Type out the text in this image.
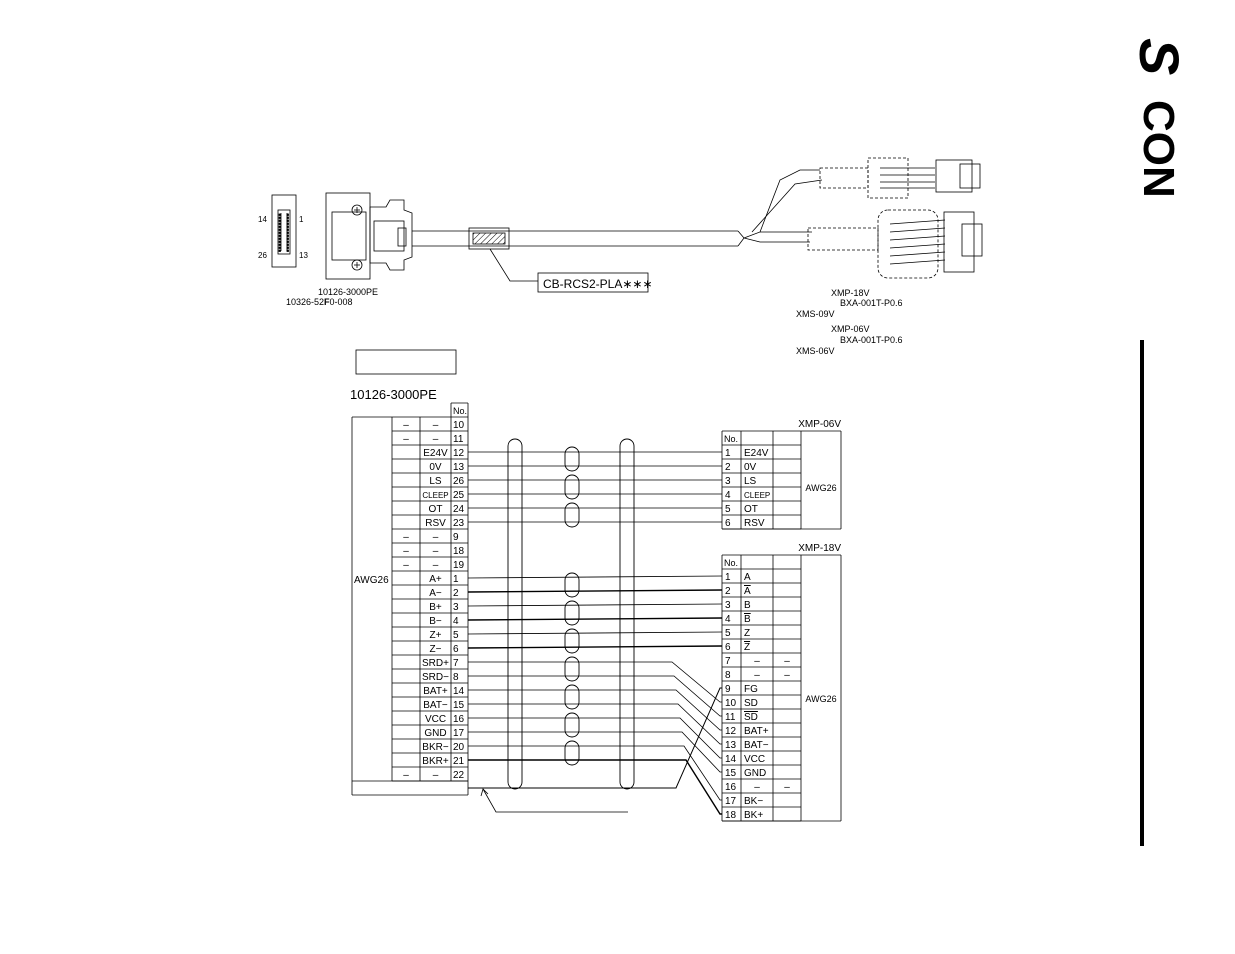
14
26
1
13
10126-3000PE
10326-52F0-008
CB-RCS2-PLA∗∗∗
XMP-18V
BXA-001T-P0.6
XMS-09V
XMP-06V
BXA-001T-P0.6
XMS-06V
10126-3000PE
No.
AWG26
– – 10
– – 11
E24V 12
0V 13
LS 26
CLEEP 25
OT 24
RSV 23
– – 9
– – 18
– – 19
A+ 1
A− 2
B+ 3
B− 4
Z+ 5
Z− 6
SRD+ 7
SRD− 8
BAT+ 14
BAT− 15
VCC 16
GND 17
BKR− 20
BKR+ 21
– – 22
XMP-06V
No.
AWG26
1 E24V
2 0V
3 LS
4 CLEEP
5 OT
6 RSV
XMP-18V
No.
AWG26
1 A
2 A
3 B
4 B
5 Z
6 Z
7 – –
8 – –
9 FG
10 SD
11 SD
12 BAT+
13 BAT−
14 VCC
15 GND
16 – –
17 BK−
18 BK+
S
CON
